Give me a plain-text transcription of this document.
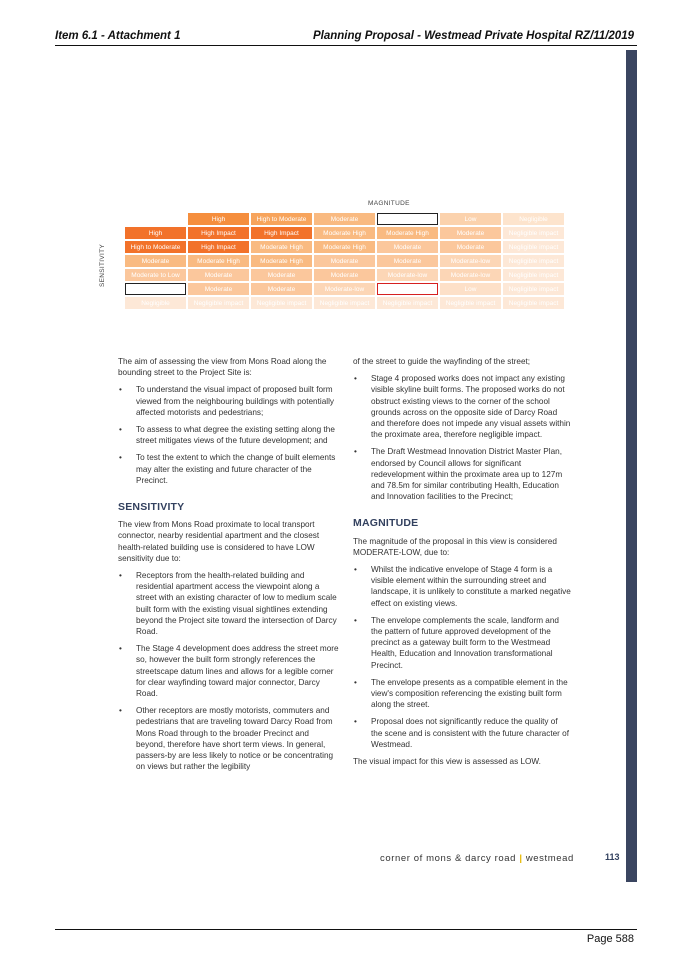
Item 6.1 - Attachment 1	Planning Proposal - Westmead Private Hospital RZ/11/2019
MAGNITUDE
SENSITIVITY
	High	High to Moderate	Moderate	Moderate to Low	Low	Negligible
High	High Impact	High Impact	Moderate High	Moderate High	Moderate	Negligible impact
High to Moderate	High Impact	Moderate High	Moderate High	Moderate	Moderate	Negligible impact
Moderate	Moderate High	Moderate High	Moderate	Moderate	Moderate-low	Negligible impact
Moderate to Low	Moderate	Moderate	Moderate	Moderate-low	Moderate-low	Negligible impact
Low	Moderate	Moderate	Moderate-low	Low	Low	Negligible impact
Negligible	Negligible impact	Negligible impact	Negligible impact	Negligible impact	Negligible impact	Negligible impact

The aim of assessing the view from Mons Road along the bounding street to the Project Site is:

• To understand the visual impact of proposed built form viewed from the neighbouring buildings with potentially affected motorists and pedestrians;
• To assess to what degree the existing setting along the street mitigates views of the future development; and
• To test the extent to which the change of built elements may alter the existing and future character of the Precinct.
SENSITIVITY

The view from Mons Road proximate to local transport connector, nearby residential apartment and the closest health-related building use is considered to have LOW sensitivity due to:

• Receptors from the health-related building and residential apartment access the viewpoint along a street with an existing character of low to medium scale built form with the existing visual sightlines extending beyond the Project site toward the intersection of Darcy Road.
• The Stage 4 development does address the street more so, however the built form strongly references the streetscape datum lines and allows for a legible corner for clear wayfinding toward major connector, Darcy Road.
• Other receptors are mostly motorists, commuters and pedestrians that are traveling toward Darcy Road from Mons Road through to the broader Precinct and beyond, therefore have short term views. In general, passers-by are less likely to notice or be concentrating on views but rather the legibility

of the street to guide the wayfinding of the street;

• Stage 4 proposed works does not impact any existing visible skyline built forms. The proposed works do not obstruct existing views to the corner of the school grounds across on the opposite side of Darcy Road and therefore does not impede any visual assets within the proximate area, therefore negligible impact.
• The Draft Westmead Innovation District Master Plan, endorsed by Council allows for significant redevelopment within the proximate area up to 127m and 78.5m for similar contributing Health, Education and Innovation facilities to the Precinct;
MAGNITUDE

The magnitude of the proposal in this view is considered MODERATE-LOW, due to:

• Whilst the indicative envelope of Stage 4 form is a visible element within the surrounding street and landscape, it is unlikely to constitute a marked negative effect on existing views.
• The envelope complements the scale, landform and the pattern of future approved development of the precinct as a gateway built form to the Westmead Health, Education and Innovation transformational Precinct.
• The envelope presents as a compatible element in the view's composition referencing the existing built form along the street.
• Proposal does not significantly reduce the quality of the scene and is consistent with the future character of Westmead.

The visual impact for this view is assessed as LOW.

corner of mons & darcy road | westmead	113
Page 588
